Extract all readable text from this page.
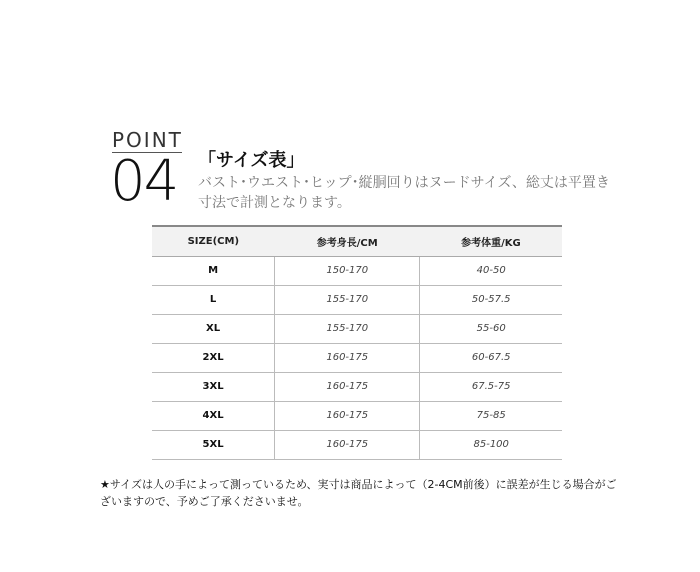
POINT
04 「サイズ表」
バスト･ウエスト･ヒップ･縦胴回りはヌードサイズ、総丈は平置き寸法で計測となります。
SIZE(CM)	参考身長/CM	参考体重/KG
M	150-170	40-50
L	155-170	50-57.5
XL	155-170	55-60
2XL	160-175	60-67.5
3XL	160-175	67.5-75
4XL	160-175	75-85
5XL	160-175	85-100
★サイズは人の手によって測っているため、実寸は商品によって（2-4CM前後）に誤差が生じる場合がございますので、予めご了承くださいませ。
